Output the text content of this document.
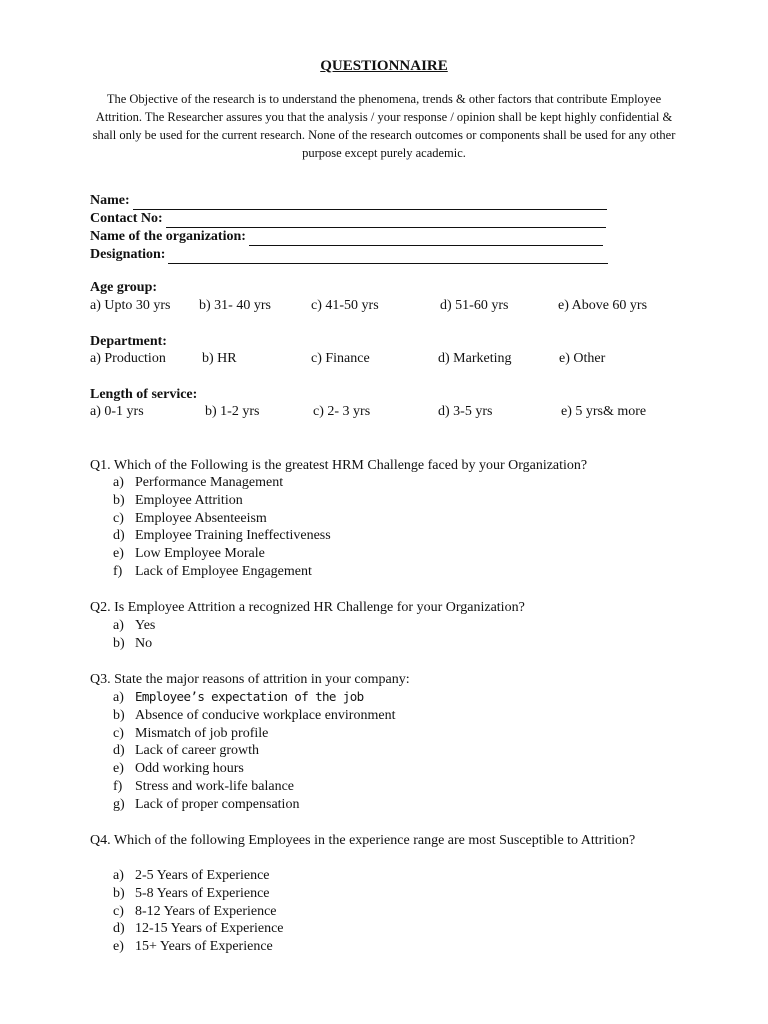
QUESTIONNAIRE
The Objective of the research is to understand the phenomena, trends & other factors that contribute Employee Attrition. The Researcher assures you that the analysis / your response / opinion shall be kept highly confidential & shall only be used for the current research. None of the research outcomes or components shall be used for any other purpose except purely academic.
Name:
Contact No:
Name of the organization:
Designation:
Age group:
a) Upto 30 yrs b) 31- 40 yrs	c) 41-50 yrs	d) 51-60 yrs	e) Above 60 yrs
Department:
a) Production	b) HR	c) Finance	d) Marketing	e) Other
Length of service:
a) 0-1 yrs	b) 1-2 yrs	c) 2- 3 yrs	d) 3-5 yrs	e) 5 yrs& more
Q1. Which of the Following is the greatest HRM Challenge faced by your Organization?
a) Performance Management
b) Employee Attrition
c) Employee Absenteeism
d) Employee Training Ineffectiveness
e) Low Employee Morale
f) Lack of Employee Engagement
Q2. Is Employee Attrition a recognized HR Challenge for your Organization?
a) Yes
b) No
Q3. State the major reasons of attrition in your company:
a) Employee’s expectation of the job
b) Absence of conducive workplace environment
c) Mismatch of job profile
d) Lack of career growth
e) Odd working hours
f) Stress and work-life balance
g) Lack of proper compensation
Q4. Which of the following Employees in the experience range are most Susceptible to Attrition?
a) 2-5 Years of Experience
b) 5-8 Years of Experience
c) 8-12 Years of Experience
d) 12-15 Years of Experience
e) 15+ Years of Experience
